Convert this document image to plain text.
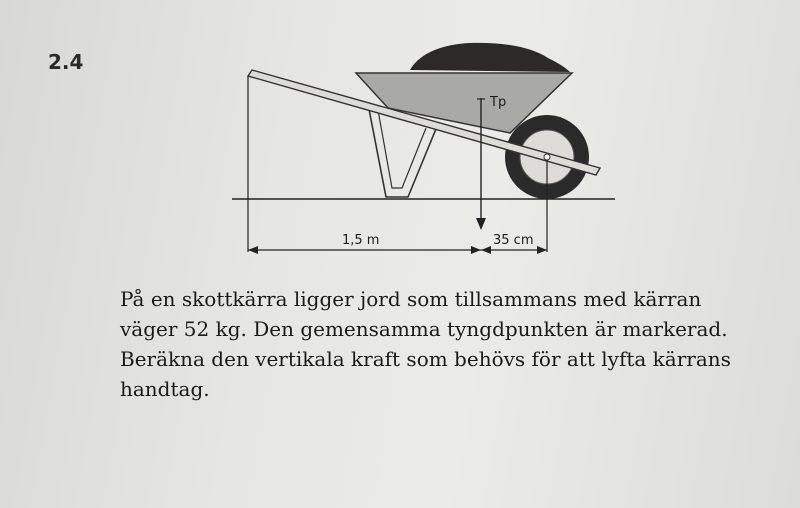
2.4
Tp
1,5 m	35 cm
På en skottkärra ligger jord som tillsammans med kärran
väger 52 kg. Den gemensamma tyngdpunkten är markerad.
Beräkna den vertikala kraft som behövs för att lyfta kärrans
handtag.
